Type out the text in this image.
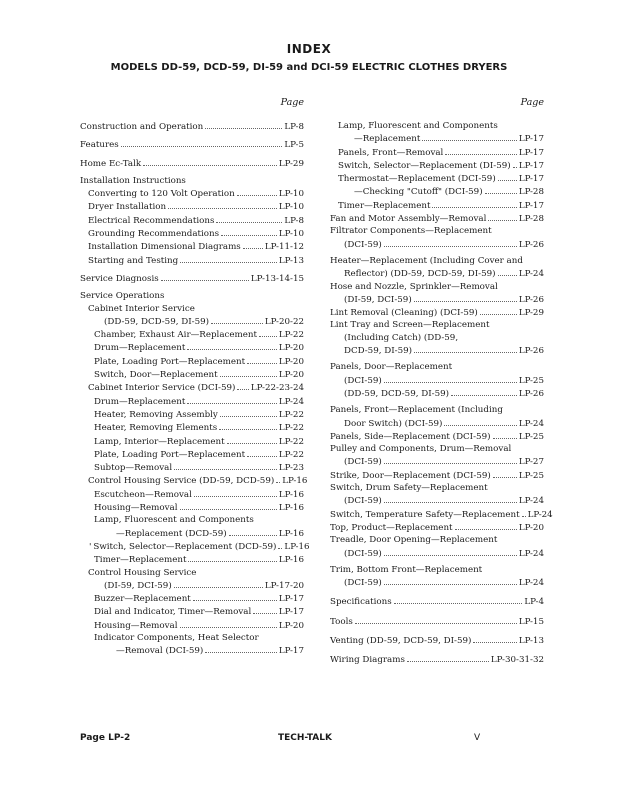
INDEX
MODELS DD-59, DCD-59, DI-59 and DCI-59 ELECTRIC CLOTHES DRYERS
Page
Construction and Operation	LP-8
Features	LP-5
Home Ec-Talk	LP-29
Installation Instructions
Converting to 120 Volt Operation	LP-10
Dryer Installation	LP-10
Electrical Recommendations	LP-8
Grounding Recommendations	LP-10
Installation Dimensional Diagrams	LP-11-12
Starting and Testing	LP-13
Service Diagnosis	LP-13-14-15
Service Operations
Cabinet Interior Service
(DD-59, DCD-59, DI-59)	LP-20-22
Chamber, Exhaust Air—Replacement	LP-22
Drum—Replacement	LP-20
Plate, Loading Port—Replacement	LP-20
Switch, Door—Replacement	LP-20
Cabinet Interior Service (DCI-59) LP-22-23-24
Drum—Replacement	LP-24
Heater, Removing Assembly	LP-22
Heater, Removing Elements	LP-22
Lamp, Interior—Replacement	LP-22
Plate, Loading Port—Replacement	LP-22
Subtop—Removal	LP-23
Control Housing Service (DD-59, DCD-59) LP-16
Escutcheon—Removal	LP-16
Housing—Removal	LP-16
Lamp, Fluorescent and Components
—Replacement (DCD-59)	LP-16
' Switch, Selector—Replacement (DCD-59) LP-16
Timer—Replacement	LP-16
Control Housing Service
(DI-59, DCI-59)	LP-17-20
Buzzer—Replacement	LP-17
Dial and Indicator, Timer—Removal	LP-17
Housing—Removal	LP-20
Indicator Components, Heat Selector
—Removal (DCI-59)	LP-17
Page
Lamp, Fluorescent and Components
—Replacement	LP-17
Panels, Front—Removal	LP-17
Switch, Selector—Replacement (DI-59) LP-17
Thermostat—Replacement (DCI-59)	LP-17
—Checking "Cutoff" (DCI-59)	LP-28
Timer—Replacement	LP-17
Fan and Motor Assembly—Removal	LP-28
Filtrator Components—Replacement
(DCI-59)	LP-26
Heater—Replacement (Including Cover and
Reflector) (DD-59, DCD-59, DI-59)	LP-24
Hose and Nozzle, Sprinkler—Removal
(DI-59, DCI-59)	LP-26
Lint Removal (Cleaning) (DCI-59)	LP-29
Lint Tray and Screen—Replacement
(Including Catch) (DD-59,
DCD-59, DI-59)	LP-26
Panels, Door—Replacement
(DCI-59)	LP-25
(DD-59, DCD-59, DI-59)	LP-26
Panels, Front—Replacement (Including
Door Switch) (DCI-59)	LP-24
Panels, Side—Replacement (DCI-59)	LP-25
Pulley and Components, Drum—Removal
(DCI-59)	LP-27
Strike, Door—Replacement (DCI-59)	LP-25
Switch, Drum Safety—Replacement
(DCI-59)	LP-24
Switch, Temperature Safety—Replacement LP-24
Top, Product—Replacement	LP-20
Treadle, Door Opening—Replacement
(DCI-59)	LP-24
Trim, Bottom Front—Replacement
(DCI-59)	LP-24
Specifications	LP-4
Tools	LP-15
Venting (DD-59, DCD-59, DI-59)	LP-13
Wiring Diagrams	LP-30-31-32
Page LP-2	TECH-TALK	V
